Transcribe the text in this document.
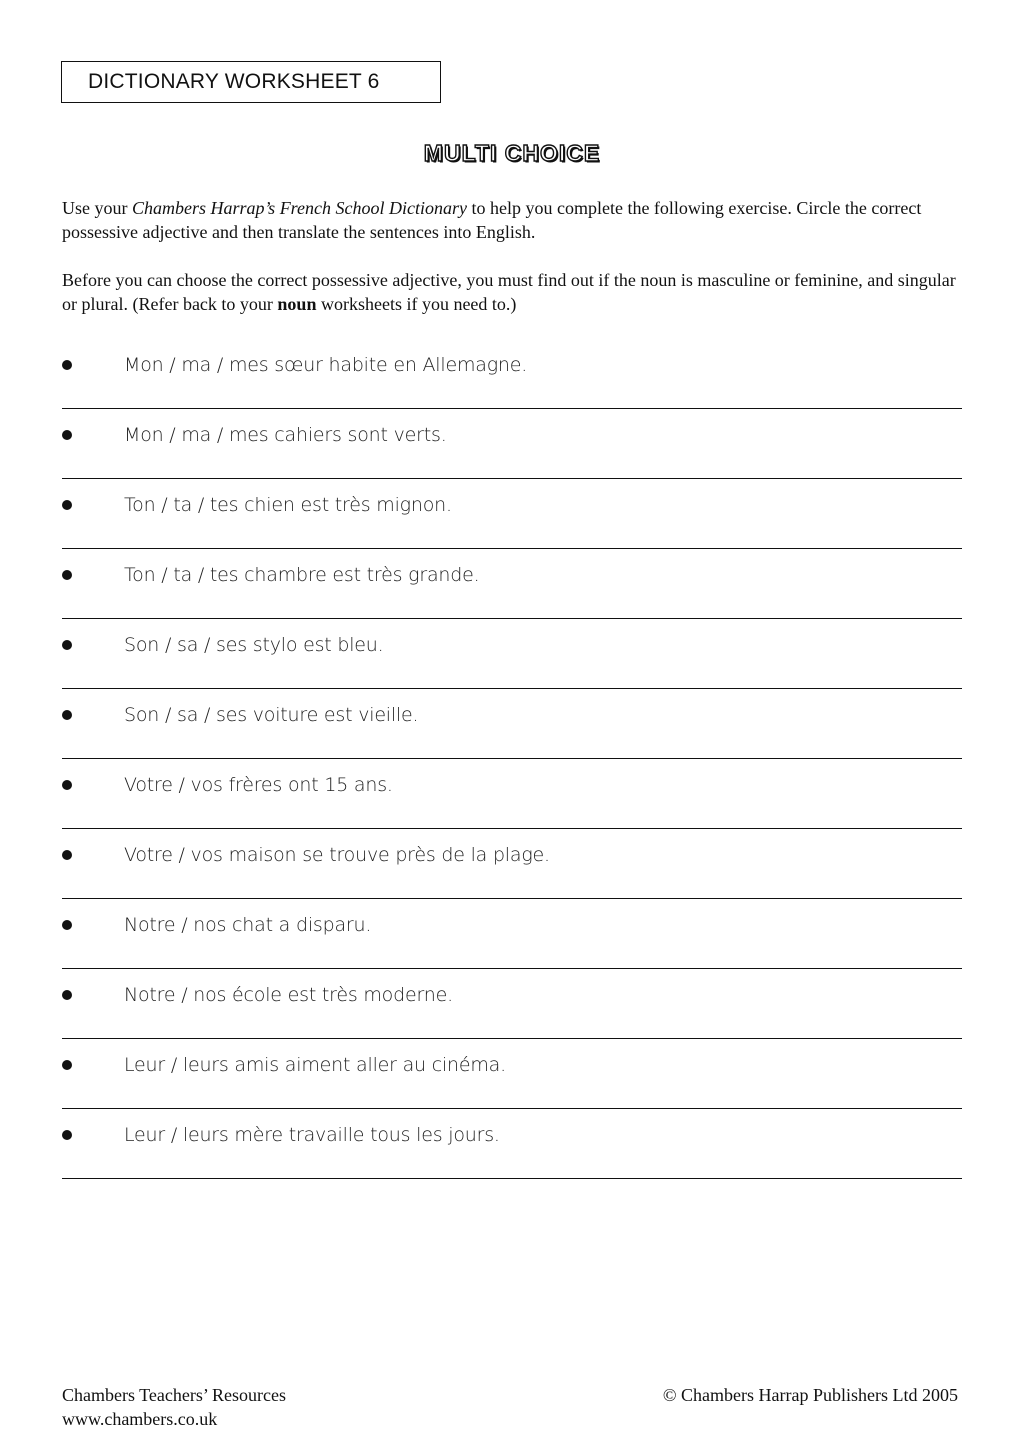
DICTIONARY WORKSHEET 6
MULTI CHOICE

Use your Chambers Harrap’s French School Dictionary to help you complete the following exercise. Circle the correct possessive adjective and then translate the sentences into English.

Before you can choose the correct possessive adjective, you must find out if the noun is masculine or feminine, and singular or plural. (Refer back to your noun worksheets if you need to.)

Mon / ma / mes sœur habite en Allemagne.
Mon / ma / mes cahiers sont verts.
Ton / ta / tes chien est très mignon.
Ton / ta / tes chambre est très grande.
Son / sa / ses stylo est bleu.
Son / sa / ses voiture est vieille.
Votre / vos frères ont 15 ans.
Votre / vos maison se trouve près de la plage.
Notre / nos chat a disparu.
Notre / nos école est très moderne.
Leur / leurs amis aiment aller au cinéma.
Leur / leurs mère travaille tous les jours.
Chambers Teachers’ Resources
www.chambers.co.uk
© Chambers Harrap Publishers Ltd 2005
